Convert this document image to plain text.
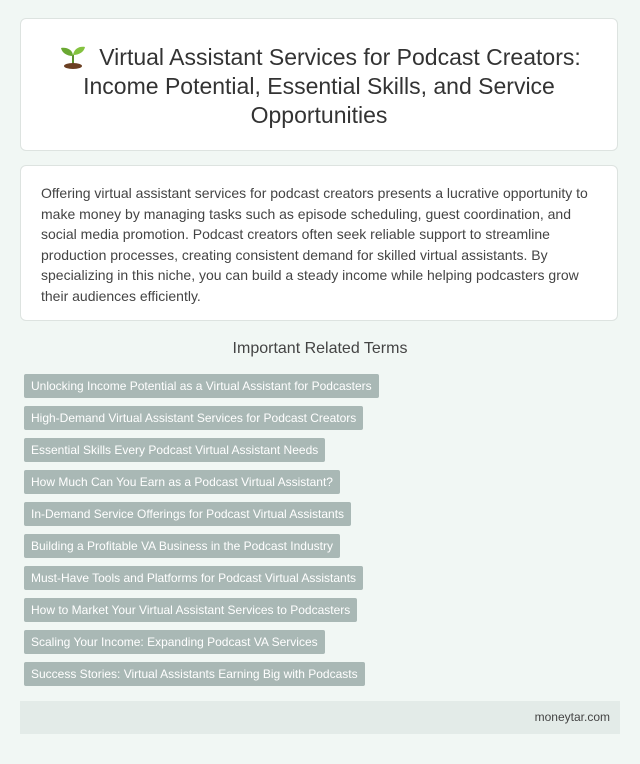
Virtual Assistant Services for Podcast Creators: Income Potential, Essential Skills, and Service Opportunities

Offering virtual assistant services for podcast creators presents a lucrative opportunity to make money by managing tasks such as episode scheduling, guest coordination, and social media promotion. Podcast creators often seek reliable support to streamline production processes, creating consistent demand for skilled virtual assistants. By specializing in this niche, you can build a steady income while helping podcasters grow their audiences efficiently.

Important Related Terms
Unlocking Income Potential as a Virtual Assistant for Podcasters
High-Demand Virtual Assistant Services for Podcast Creators
Essential Skills Every Podcast Virtual Assistant Needs
How Much Can You Earn as a Podcast Virtual Assistant?
In-Demand Service Offerings for Podcast Virtual Assistants
Building a Profitable VA Business in the Podcast Industry
Must-Have Tools and Platforms for Podcast Virtual Assistants
How to Market Your Virtual Assistant Services to Podcasters
Scaling Your Income: Expanding Podcast VA Services
Success Stories: Virtual Assistants Earning Big with Podcasts
moneytar.com
